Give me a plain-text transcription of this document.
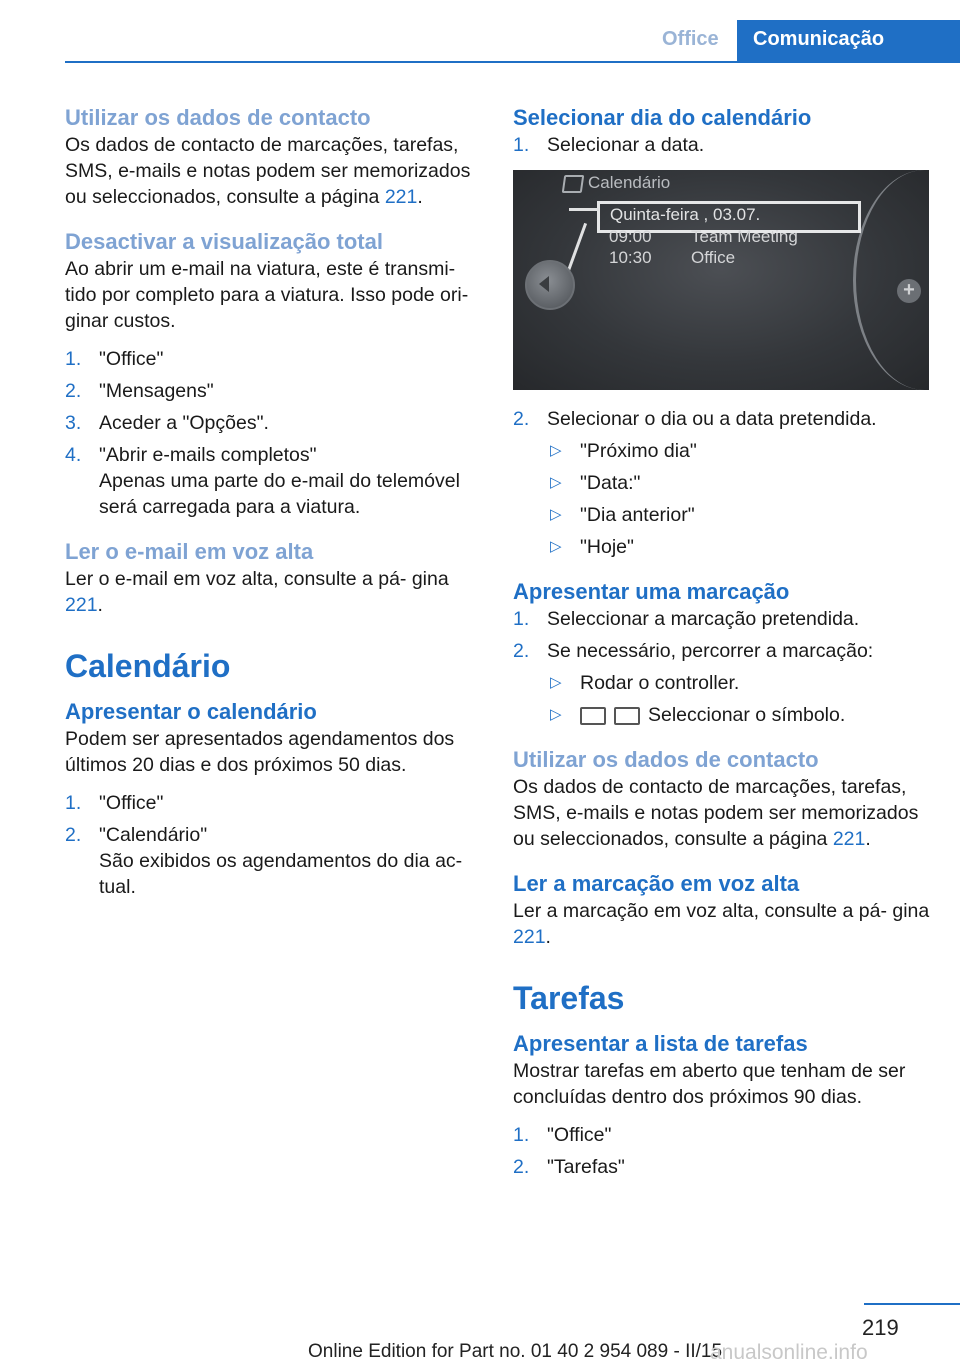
Office Comunicação
Utilizar os dados de contacto

Os dados de contacto de marcações, tarefas, SMS, e-mails e notas podem ser memorizados ou seleccionados, consulte a página 221.

Desactivar a visualização total

Ao abrir um e-mail na viatura, este é transmi‐ tido por completo para a viatura. Isso pode ori‐ ginar custos.

1. "Office"
2. "Mensagens"
3. Aceder a "Opções".
4. "Abrir e-mails completos"
Apenas uma parte do e-mail do telemóvel será carregada para a viatura.
Ler o e-mail em voz alta

Ler o e-mail em voz alta, consulte a pá‐ gina 221.

Calendário
Apresentar o calendário

Podem ser apresentados agendamentos dos últimos 20 dias e dos próximos 50 dias.

1. "Office"
2. "Calendário"
São exibidos os agendamentos do dia ac‐ tual.
Selecionar dia do calendário
1. Selecionar a data.
Calendário
Quinta-feira , 03.07.
09:00 Team Meeting
10:30 Office
+
2. Selecionar o dia ou a data pretendida.
▷ "Próximo dia"
▷ "Data:"
▷ "Dia anterior"
▷ "Hoje"
Apresentar uma marcação
1. Seleccionar a marcação pretendida.
2. Se necessário, percorrer a marcação:
▷ Rodar o controller.
▷	Seleccionar o símbolo.
Utilizar os dados de contacto

Os dados de contacto de marcações, tarefas, SMS, e-mails e notas podem ser memorizados ou seleccionados, consulte a página 221.

Ler a marcação em voz alta

Ler a marcação em voz alta, consulte a pá‐ gina 221.

Tarefas
Apresentar a lista de tarefas

Mostrar tarefas em aberto que tenham de ser concluídas dentro dos próximos 90 dias.

1. "Office"
2. "Tarefas"
219
Online Edition for Part no. 01 40 2 954 089 - II/15
anualsonline.info
